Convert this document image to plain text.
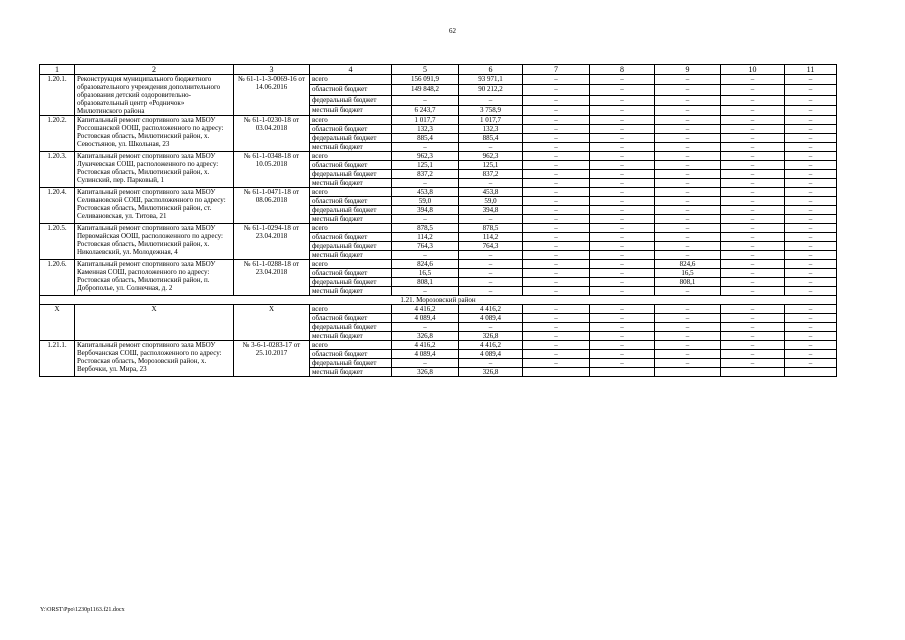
62
1	2	3	4	5	6	7	8	9	10	11
1.20.1.	Реконструкция муниципального бюджетного образовательного учреждения дополнительного образования детский оздоровительно-образовательный центр «Родничок» Милютинского района	№ 61-1-1-3-0069-16 от 14.06.2016	всего	156 091,9	93 971,1	–	–	–	–	–
			областной бюджет	149 848,2	90 212,2	–	–	–	–	–
			федеральный бюджет	–	–	–	–	–	–	–
			местный бюджет	6 243,7	3 758,9	–	–	–	–	–
1.20.2.	Капитальный ремонт спортивного зала МБОУ Россошанской ООШ, расположенного по адресу: Ростовская область, Милютинский район, х. Севостьянов, ул. Школьная, 23	№ 61-1-0230-18 от 03.04.2018	всего	1 017,7	1 017,7	–	–	–	–	–
			областной бюджет	132,3	132,3	–	–	–	–	–
			федеральный бюджет	885,4	885,4	–	–	–	–	–
			местный бюджет	–	–	–	–	–	–	–
1.20.3.	Капитальный ремонт спортивного зала МБОУ Лукичевская СОШ, расположенного по адресу: Ростовская область, Милютинский район, х. Сулинский, пер. Парковый, 1	№ 61-1-0348-18 от 10.05.2018	всего	962,3	962,3	–	–	–	–	–
			областной бюджет	125,1	125,1	–	–	–	–	–
			федеральный бюджет	837,2	837,2	–	–	–	–	–
			местный бюджет	–	–	–	–	–	–	–
1.20.4.	Капитальный ремонт спортивного зала МБОУ Селивановской СОШ, расположенного по адресу: Ростовская область, Милютинский район, ст. Селивановская, ул. Титова, 21	№ 61-1-0471-18 от 08.06.2018	всего	453,8	453,8	–	–	–	–	–
			областной бюджет	59,0	59,0	–	–	–	–	–
			федеральный бюджет	394,8	394,8	–	–	–	–	–
			местный бюджет	–	–	–	–	–	–	–
1.20.5.	Капитальный ремонт спортивного зала МБОУ Первомайская ООШ, расположенного по адресу: Ростовская область, Милютинский район, х. Николаевский, ул. Молодежная, 4	№ 61-1-0294-18 от 23.04.2018	всего	878,5	878,5	–	–	–	–	–
			областной бюджет	114,2	114,2	–	–	–	–	–
			федеральный бюджет	764,3	764,3	–	–	–	–	–
			местный бюджет	–	–	–	–	–	–	–
1.20.6.	Капитальный ремонт спортивного зала МБОУ Каменная СОШ, расположенного по адресу: Ростовская область, Милютинский район, п. Доброполье, ул. Солнечная, д. 2	№ 61-1-0288-18 от 23.04.2018	всего	824,6	–	–	–	824,6	–	–
			областной бюджет	16,5	–	–	–	16,5	–	–
			федеральный бюджет	808,1	–	–	–	808,1	–	–
			местный бюджет	–	–	–	–	–	–	–
1.21. Морозовский район										
Х	Х	Х	всего	4 416,2	4 416,2	–	–	–	–	–
			областной бюджет	4 089,4	4 089,4	–	–	–	–	–
			федеральный бюджет	–	–	–	–	–	–	–
			местный бюджет	326,8	326,8	–	–	–	–	–
1.21.1.	Капитальный ремонт спортивного зала МБОУ Вербочанская СОШ, расположенного по адресу: Ростовская область, Морозовский район, х. Вербочки, ул. Мира, 23	№ 3-6-1-0283-17 от 25.10.2017	всего	4 416,2	4 416,2	–	–	–	–	–
			областной бюджет	4 089,4	4 089,4	–	–	–	–	–
			федеральный бюджет	–	–	–	–	–	–	–
			местный бюджет	326,8	326,8					
Y:\ORST\Ppo\1230p1163.f21.docx
